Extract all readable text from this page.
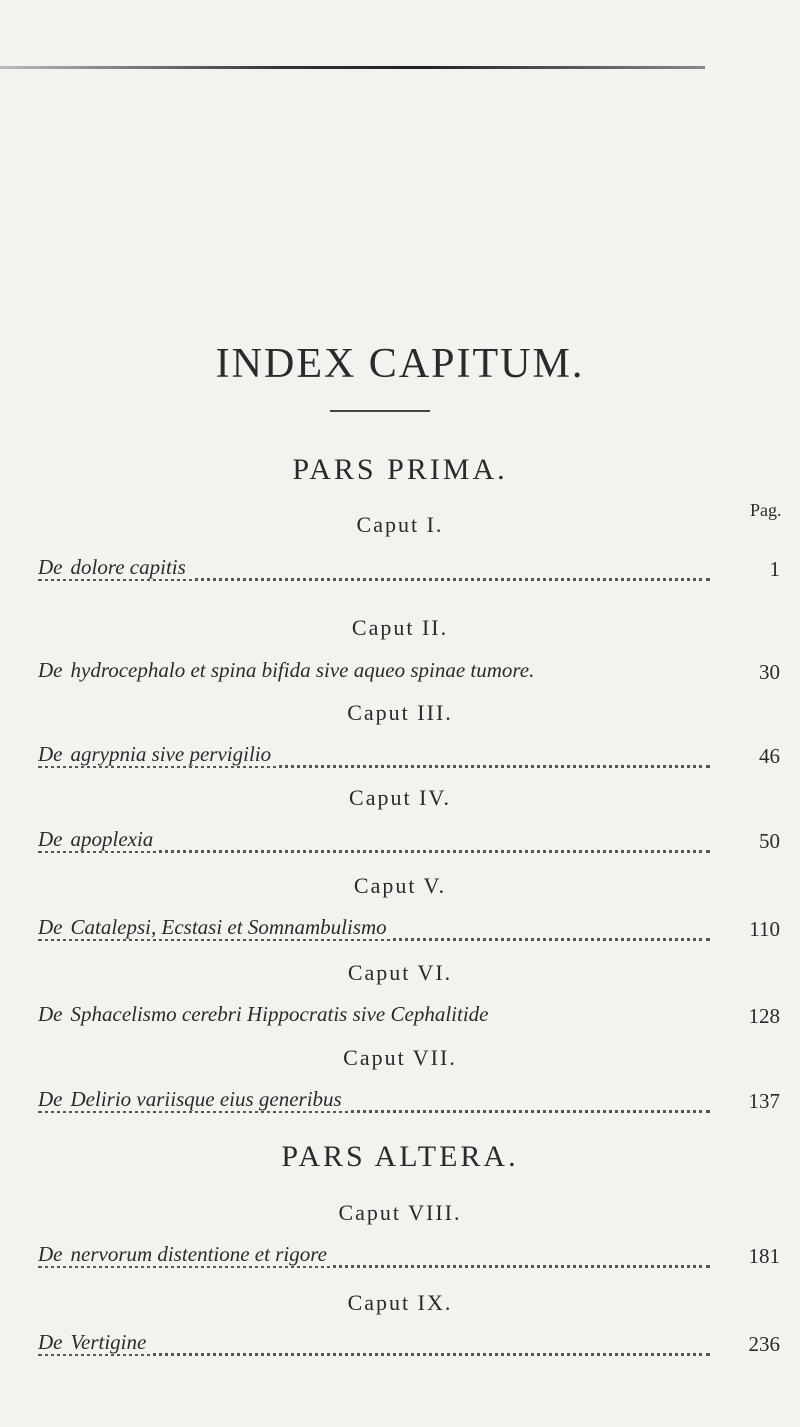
INDEX CAPITUM.
PARS PRIMA.
Pag.
Caput I.
De dolore capitis	1
Caput II.
De hydrocephalo et spina bifida sive aqueo spinae tumore.	30
Caput III.
De agrypnia sive pervigilio	46
Caput IV.
De apoplexia	50
Caput V.
De Catalepsi, Ecstasi et Somnambulismo	110
Caput VI.
De Sphacelismo cerebri Hippocratis sive Cephalitide	128
Caput VII.
De Delirio variisque eius generibus	137
PARS ALTERA.
Caput VIII.
De nervorum distentione et rigore	181
Caput IX.
De Vertigine	236
